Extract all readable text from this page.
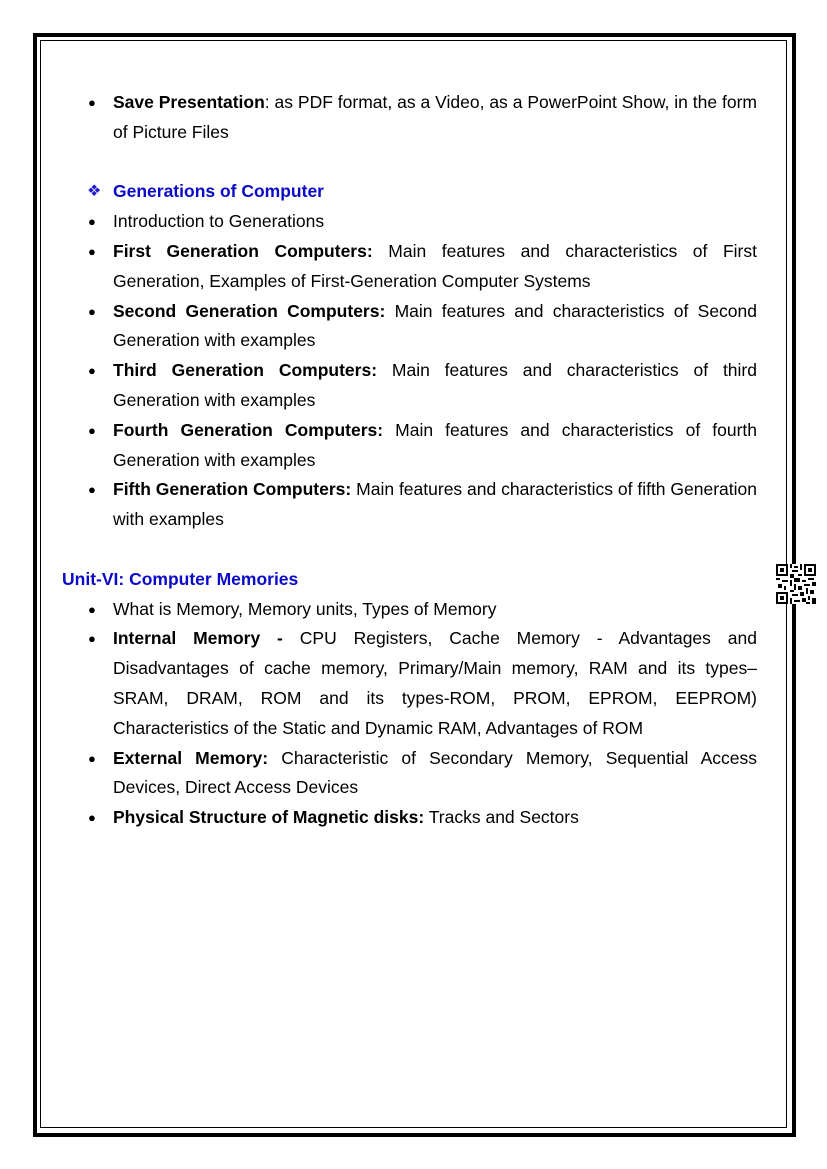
● Save Presentation: as PDF format, as a Video, as a PowerPoint Show, in the form of Picture Files
❖ Generations of Computer
● Introduction to Generations
● First Generation Computers: Main features and characteristics of First Generation, Examples of First-Generation Computer Systems
● Second Generation Computers: Main features and characteristics of Second Generation with examples
● Third Generation Computers: Main features and characteristics of third Generation with examples
● Fourth Generation Computers: Main features and characteristics of fourth Generation with examples
● Fifth Generation Computers: Main features and characteristics of fifth Generation with examples
Unit-VI: Computer Memories
● What is Memory, Memory units, Types of Memory
● Internal Memory - CPU Registers, Cache Memory - Advantages and Disadvantages of cache memory, Primary/Main memory, RAM and its types– SRAM, DRAM, ROM and its types-ROM, PROM, EPROM, EEPROM) Characteristics of the Static and Dynamic RAM, Advantages of ROM
● External Memory: Characteristic of Secondary Memory, Sequential Access Devices, Direct Access Devices
● Physical Structure of Magnetic disks: Tracks and Sectors
